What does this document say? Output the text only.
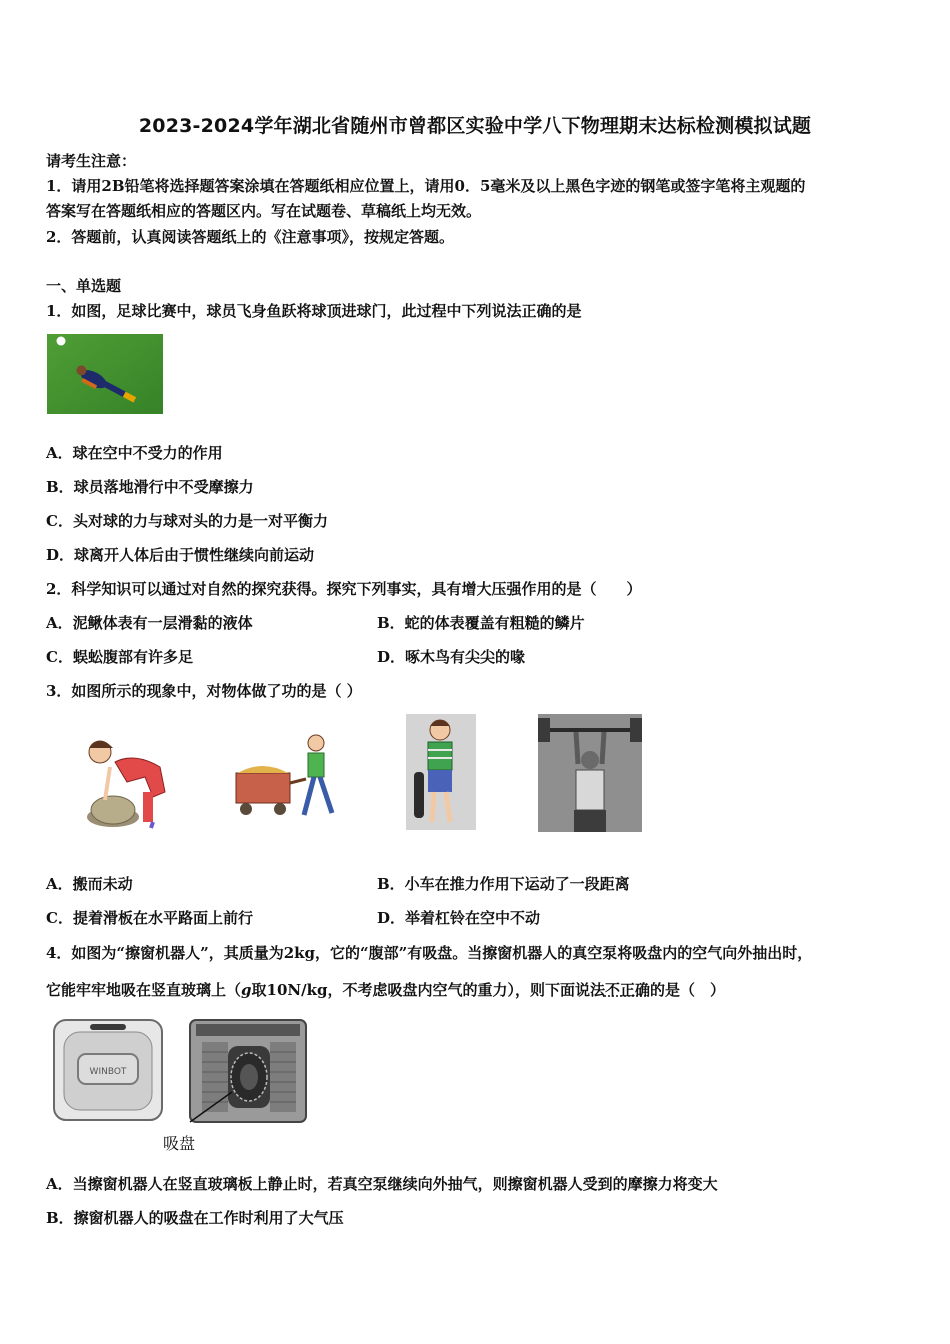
2023-2024学年湖北省随州市曾都区实验中学八下物理期末达标检测模拟试题
请考生注意：
1．请用2B铅笔将选择题答案涂填在答题纸相应位置上，请用0．5毫米及以上黑色字迹的钢笔或签字笔将主观题的
答案写在答题纸相应的答题区内。写在试题卷、草稿纸上均无效。
2．答题前，认真阅读答题纸上的《注意事项》，按规定答题。
一、单选题
1．如图，足球比赛中，球员飞身鱼跃将球顶进球门，此过程中下列说法正确的是
A．球在空中不受力的作用
B．球员落地滑行中不受摩擦力
C．头对球的力与球对头的力是一对平衡力
D．球离开人体后由于惯性继续向前运动
2．科学知识可以通过对自然的探究获得。探究下列事实，具有增大压强作用的是（　　）
A．泥鳅体表有一层滑黏的液体	B．蛇的体表覆盖有粗糙的鳞片
C．蜈蚣腹部有许多足	D．啄木鸟有尖尖的喙
3．如图所示的现象中，对物体做了功的是（ ）
A．搬而未动	B．小车在推力作用下运动了一段距离
C．提着滑板在水平路面上前行	D．举着杠铃在空中不动
4．如图为“擦窗机器人”，其质量为2kg，它的“腹部”有吸盘。当擦窗机器人的真空泵将吸盘内的空气向外抽出时，
它能牢牢地吸在竖直玻璃上（g取10N/kg，不考虑吸盘内空气的重力），则下面说法不正确的是（　）
WINBOT
吸盘
A．当擦窗机器人在竖直玻璃板上静止时，若真空泵继续向外抽气，则擦窗机器人受到的摩擦力将变大
B．擦窗机器人的吸盘在工作时利用了大气压
